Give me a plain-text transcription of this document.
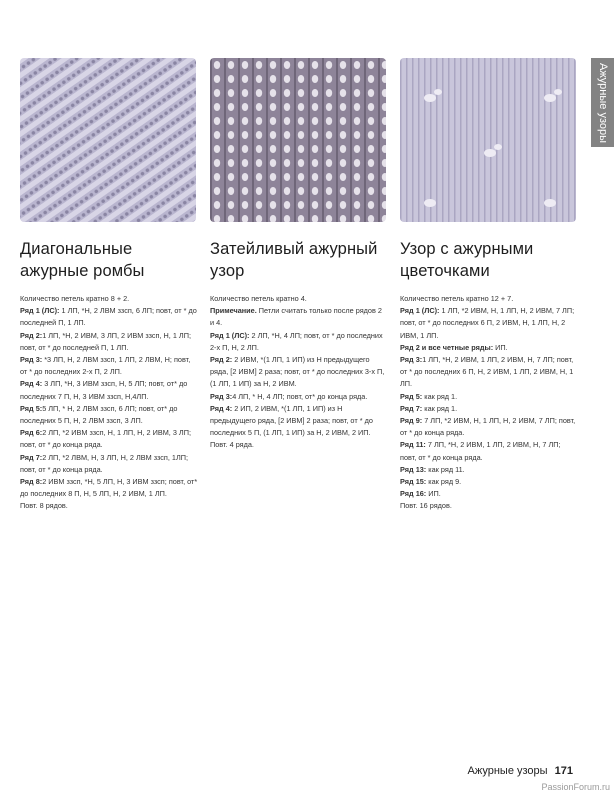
Ажурные узоры
Диагональные ажурные ромбы

Количество петель кратно 8 + 2.

Ряд 1 (ЛС): 1 ЛП, *Н, 2 ЛВМ ззсп, 6 ЛП; повт, от * до последней П, 1 ЛП.

Ряд 2:1 ЛП, *Н, 2 ИВМ, 3 ЛП, 2 ИВМ ззсп, Н, 1 ЛП; повт, от * до последней П, 1 ЛП.

Ряд 3: *3 ЛП, Н, 2 ЛВМ ззсп, 1 ЛП, 2 ЛВМ, Н; повт, от * до последних 2-х П, 2 ЛП.

Ряд 4: 3 ЛП, *Н, 3 ИВМ ззсп, Н, 5 ЛП; повт, от* до последних 7 П, Н, 3 ИВМ ззсп, Н,4ЛП.

Ряд 5:5 ЛП, * Н, 2 ЛВМ ззсп, 6 ЛП; повт, от* до последних 5 П, Н, 2 ЛВМ ззсп, 3 ЛП.

Ряд 6:2 ЛП, *2 ИВМ ззсп, Н, 1 ЛП, Н, 2 ИВМ, 3 ЛП; повт, от * до конца ряда.

Ряд 7:2 ЛП, *2 ЛВМ, Н, 3 ЛП, Н, 2 ЛВМ ззсп, 1ЛП; повт, от * до конца ряда.

Ряд 8:2 ИВМ ззсп, *Н, 5 ЛП, Н, 3 ИВМ ззсп; повт, от* до последних 8 П, Н, 5 ЛП, Н, 2 ИВМ, 1 ЛП.

Повт. 8 рядов.

Затейливый ажурный узор

Количество петель кратно 4.

Примечание. Петли считать только после рядов 2 и 4.

Ряд 1 (ЛС): 2 ЛП, *Н, 4 ЛП; повт, от * до последних 2-х П, Н, 2 ЛП.

Ряд 2: 2 ИВМ, *(1 ЛП, 1 ИП) из Н предыдущего ряда, [2 ИВМ] 2 раза; повт, от * до последних 3-х П, (1 ЛП, 1 ИП) за Н, 2 ИВМ.

Ряд 3:4 ЛП, * Н, 4 ЛП; повт, от* до конца ряда.

Ряд 4: 2 ИП, 2 ИВМ, *(1 ЛП, 1 ИП) из Н предыдущего ряда, [2 ИВМ] 2 раза; повт, от * до последних 5 П, (1 ЛП, 1 ИП) за Н, 2 ИВМ, 2 ИП.

Повт. 4 ряда.

Узор с ажурными цветочками

Количество петель кратно 12 + 7.

Ряд 1 (ЛС): 1 ЛП, *2 ИВМ, Н, 1 ЛП, Н, 2 ИВМ, 7 ЛП; повт, от * до последних 6 П, 2 ИВМ, Н, 1 ЛП, Н, 2 ИВМ, 1 ЛП.

Ряд 2 и все четные ряды: ИП.

Ряд 3:1 ЛП, *Н, 2 ИВМ, 1 ЛП, 2 ИВМ, Н, 7 ЛП; повт, от * до последних 6 П, Н, 2 ИВМ, 1 ЛП, 2 ИВМ, Н, 1 ЛП.

Ряд 5: как ряд 1.

Ряд 7: как ряд 1.

Ряд 9: 7 ЛП, *2 ИВМ, Н, 1 ЛП, Н, 2 ИВМ, 7 ЛП; повт, от * до конца ряда.

Ряд 11: 7 ЛП, *Н, 2 ИВМ, 1 ЛП, 2 ИВМ, Н, 7 ЛП; повт, от * до конца ряда.

Ряд 13: как ряд 11.

Ряд 15: как ряд 9.

Ряд 16: ИП.

Повт. 16 рядов.

Ажурные узоры 171
PassionForum.ru
